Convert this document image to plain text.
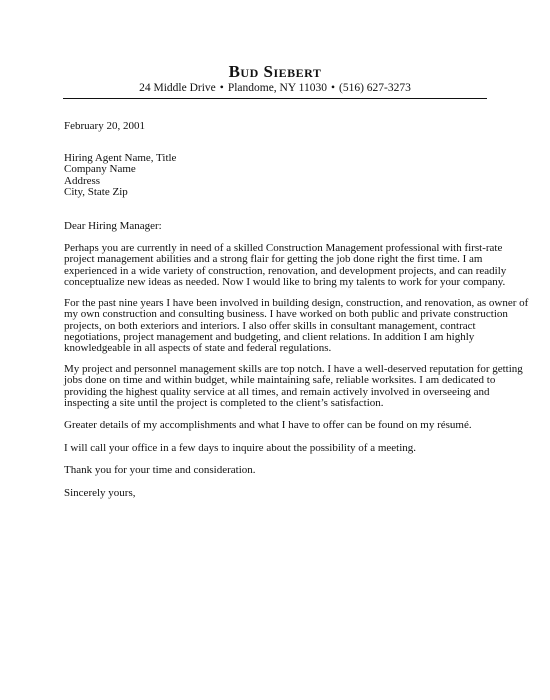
Bud Siebert
24 Middle Drive • Plandome, NY 11030 • (516) 627-3273

February 20, 2001

Hiring Agent Name, Title
Company Name
Address
City, State Zip

Dear Hiring Manager:

Perhaps you are currently in need of a skilled Construction Management professional with first-rate
project management abilities and a strong flair for getting the job done right the first time. I am
experienced in a wide variety of construction, renovation, and development projects, and can readily
conceptualize new ideas as needed. Now I would like to bring my talents to work for your company.

For the past nine years I have been involved in building design, construction, and renovation, as owner of
my own construction and consulting business. I have worked on both public and private construction
projects, on both exteriors and interiors. I also offer skills in consultant management, contract
negotiations, project management and budgeting, and client relations. In addition I am highly
knowledgeable in all aspects of state and federal regulations.

My project and personnel management skills are top notch. I have a well-deserved reputation for getting
jobs done on time and within budget, while maintaining safe, reliable worksites. I am dedicated to
providing the highest quality service at all times, and remain actively involved in overseeing and
inspecting a site until the project is completed to the client’s satisfaction.

Greater details of my accomplishments and what I have to offer can be found on my résumé.

I will call your office in a few days to inquire about the possibility of a meeting.

Thank you for your time and consideration.

Sincerely yours,
